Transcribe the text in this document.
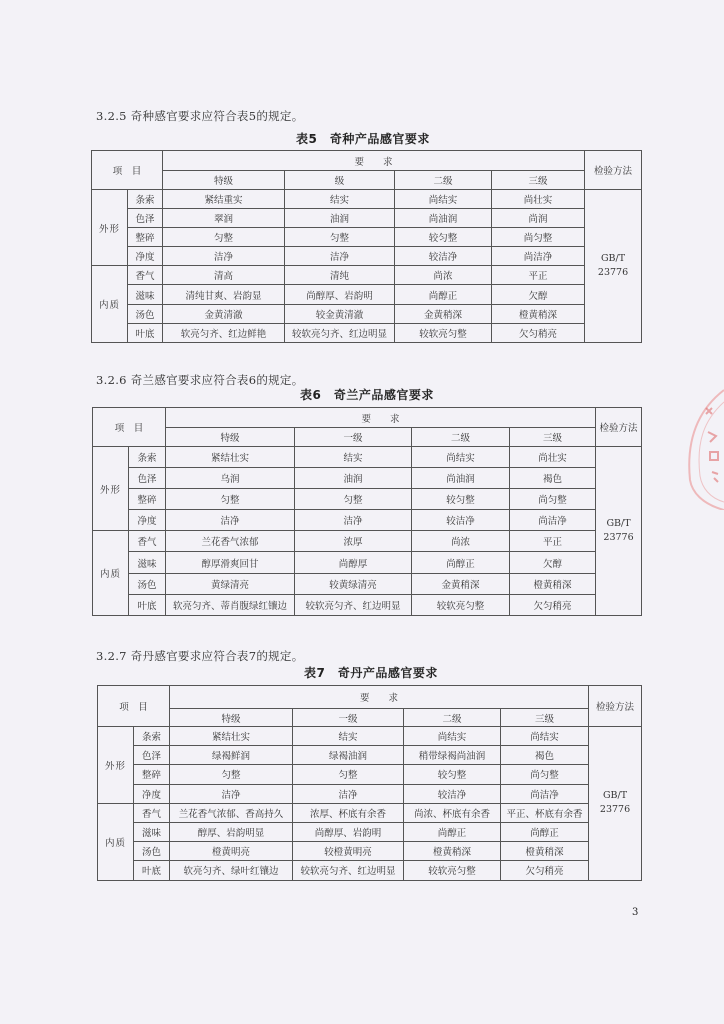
3.2.5 奇种感官要求应符合表5的规定。
表5　奇种产品感官要求
项　目		要　　求				检验方法
		特级	级	二级	三级	
外形	条索	紧结重实	结实	尚结实	尚壮实	GB/T
23776

	色泽	翠润	油润	尚油润	尚润	
	整碎	匀整	匀整	较匀整	尚匀整	
	净度	洁净	洁净	较洁净	尚洁净	
内质	香气	清高	清纯	尚浓	平正	
	滋味	清纯甘爽、岩韵显	尚醇厚、岩韵明	尚醇正	欠醇	
	汤色	金黄清澈	较金黄清澈	金黄稍深	橙黄稍深	
	叶底	软亮匀齐、红边鲜艳	较软亮匀齐、红边明显	较软亮匀整	欠匀稍亮	
3.2.6 奇兰感官要求应符合表6的规定。
表6　奇兰产品感官要求
项　目		要　　求				检验方法
		特级	一级	二级	三级	
外形	条索	紧结壮实	结实	尚结实	尚壮实	GB/T
23776

	色泽	乌润	油润	尚油润	褐色	
	整碎	匀整	匀整	较匀整	尚匀整	
	净度	洁净	洁净	较洁净	尚洁净	
内质	香气	兰花香气浓郁	浓厚	尚浓	平正	
	滋味	醇厚滑爽回甘	尚醇厚	尚醇正	欠醇	
	汤色	黄绿清亮	较黄绿清亮	金黄稍深	橙黄稍深	
	叶底	软亮匀齐、蒂肖腹绿红镶边	较软亮匀齐、红边明显	较软亮匀整	欠匀稍亮	
3.2.7 奇丹感官要求应符合表7的规定。
表7　奇丹产品感官要求
项　目		要　　求				检验方法
		特级	一级	二级	三级	
外形	条索	紧结壮实	结实	尚结实	尚结实	GB/T
23776

	色泽	绿褐鲜润	绿褐油润	稍带绿褐尚油润	褐色	
	整碎	匀整	匀整	较匀整	尚匀整	
	净度	洁净	洁净	较洁净	尚洁净	
内质	香气	兰花香气浓郁、香高持久	浓厚、杯底有余香	尚浓、杯底有余香	平正、杯底有余香	
	滋味	醇厚、岩韵明显	尚醇厚、岩韵明	尚醇正	尚醇正	
	汤色	橙黄明亮	较橙黄明亮	橙黄稍深	橙黄稍深	
	叶底	软亮匀齐、绿叶红镶边	较软亮匀齐、红边明显	较软亮匀整	欠匀稍亮	
3
